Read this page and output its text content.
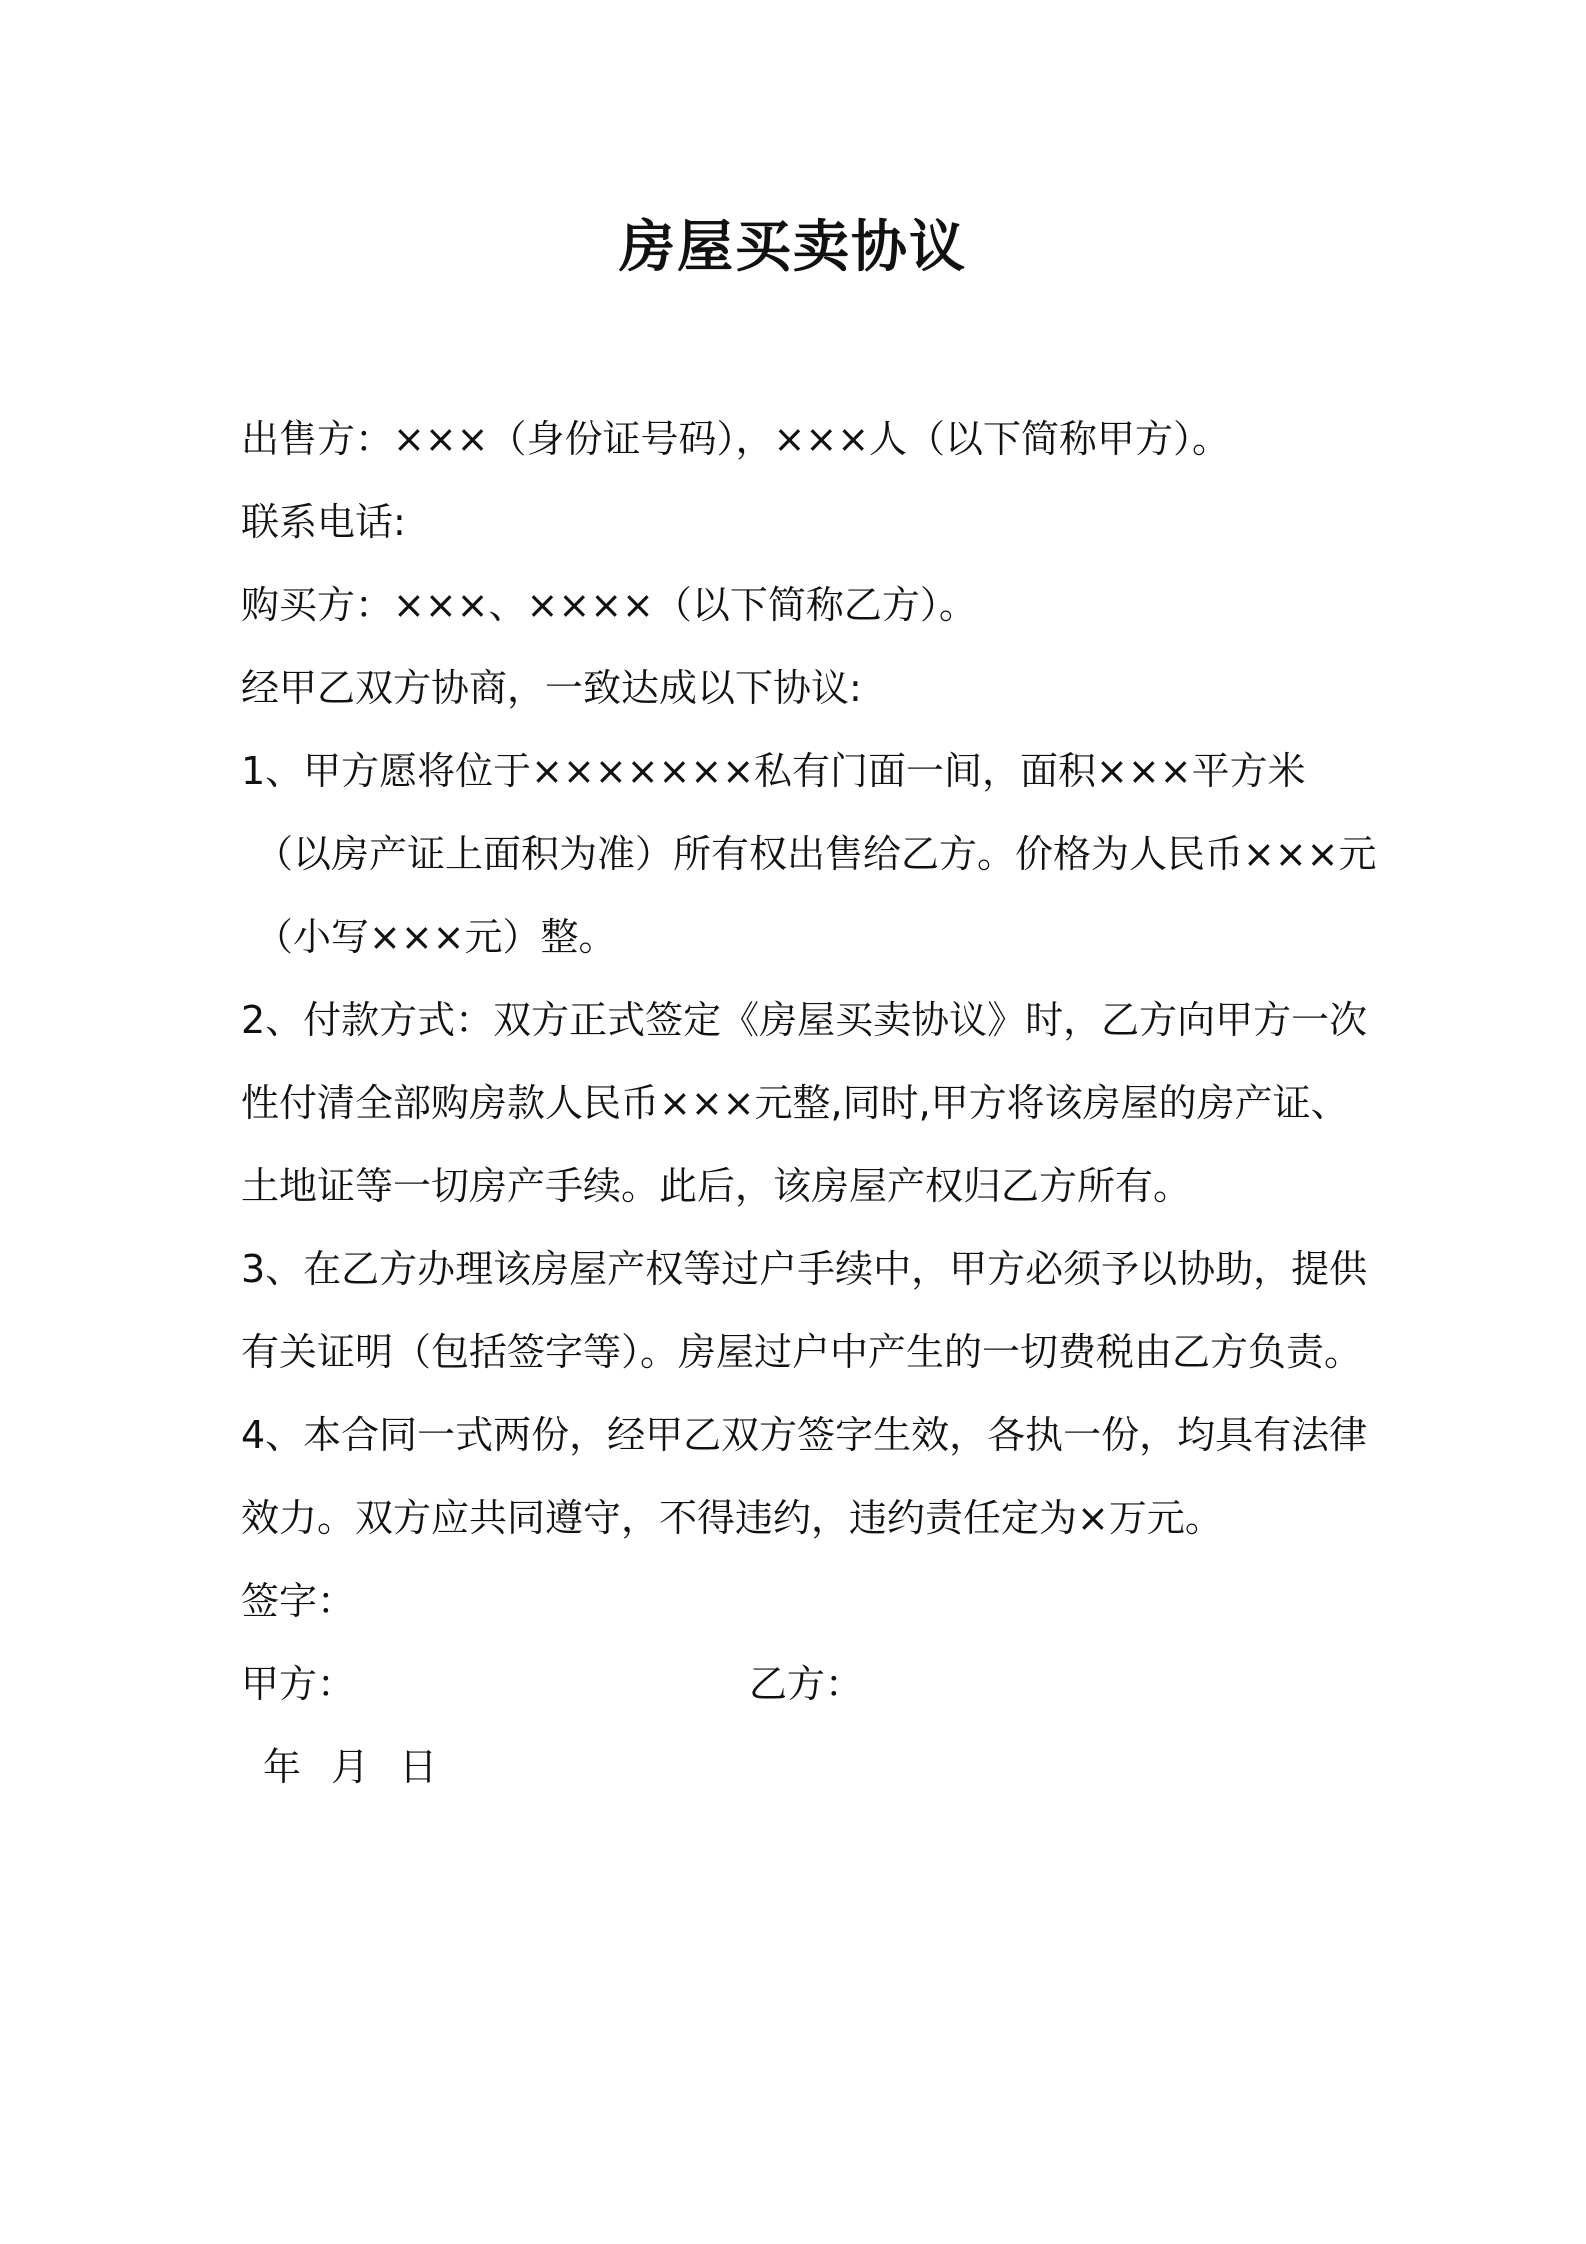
房屋买卖协议
出售方：×××（身份证号码），×××人（以下简称甲方）。
联系电话:
购买方：×××、××××（以下简称乙方）。
经甲乙双方协商，一致达成以下协议:
1、甲方愿将位于×××××××私有门面一间，面积×××平方米
（以房产证上面积为准）所有权出售给乙方。价格为人民币×××元
（小写×××元）整。
2、付款方式：双方正式签定《房屋买卖协议》时，乙方向甲方一次
性付清全部购房款人民币×××元整,同时,甲方将该房屋的房产证、
土地证等一切房产手续。此后，该房屋产权归乙方所有。
3、在乙方办理该房屋产权等过户手续中，甲方必须予以协助，提供
有关证明（包括签字等）。房屋过户中产生的一切费税由乙方负责。
4、本合同一式两份，经甲乙双方签字生效，各执一份，均具有法律
效力。双方应共同遵守，不得违约，违约责任定为×万元。
签字：
甲方：	乙方：
年 月 日
